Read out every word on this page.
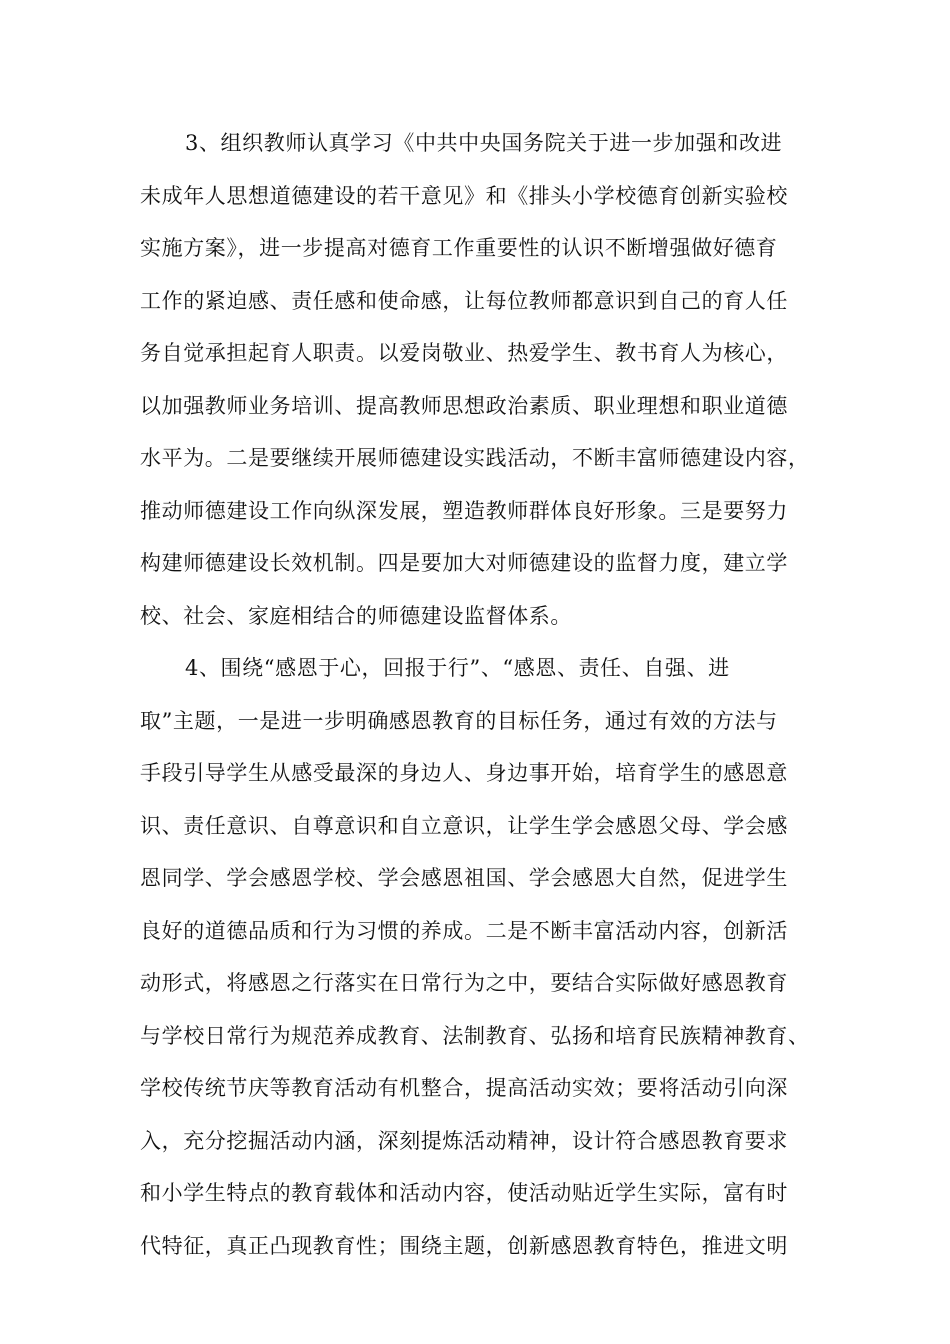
3、组织教师认真学习《中共中央国务院关于进一步加强和改进
未成年人思想道德建设的若干意见》和《排头小学校德育创新实验校
实施方案》，进一步提高对德育工作重要性的认识不断增强做好德育
工作的紧迫感、责任感和使命感，让每位教师都意识到自己的育人任
务自觉承担起育人职责。以爱岗敬业、热爱学生、教书育人为核心，
以加强教师业务培训、提高教师思想政治素质、职业理想和职业道德
水平为。二是要继续开展师德建设实践活动，不断丰富师德建设内容，
推动师德建设工作向纵深发展，塑造教师群体良好形象。三是要努力
构建师德建设长效机制。四是要加大对师德建设的监督力度，建立学
校、社会、家庭相结合的师德建设监督体系。
4、围绕“感恩于心，回报于行”、“感恩、责任、自强、进
取”主题，一是进一步明确感恩教育的目标任务，通过有效的方法与
手段引导学生从感受最深的身边人、身边事开始，培育学生的感恩意
识、责任意识、自尊意识和自立意识，让学生学会感恩父母、学会感
恩同学、学会感恩学校、学会感恩祖国、学会感恩大自然，促进学生
良好的道德品质和行为习惯的养成。二是不断丰富活动内容，创新活
动形式，将感恩之行落实在日常行为之中，要结合实际做好感恩教育
与学校日常行为规范养成教育、法制教育、弘扬和培育民族精神教育、
学校传统节庆等教育活动有机整合，提高活动实效；要将活动引向深
入，充分挖掘活动内涵，深刻提炼活动精神，设计符合感恩教育要求
和小学生特点的教育载体和活动内容，使活动贴近学生实际，富有时
代特征，真正凸现教育性；围绕主题，创新感恩教育特色，推进文明
